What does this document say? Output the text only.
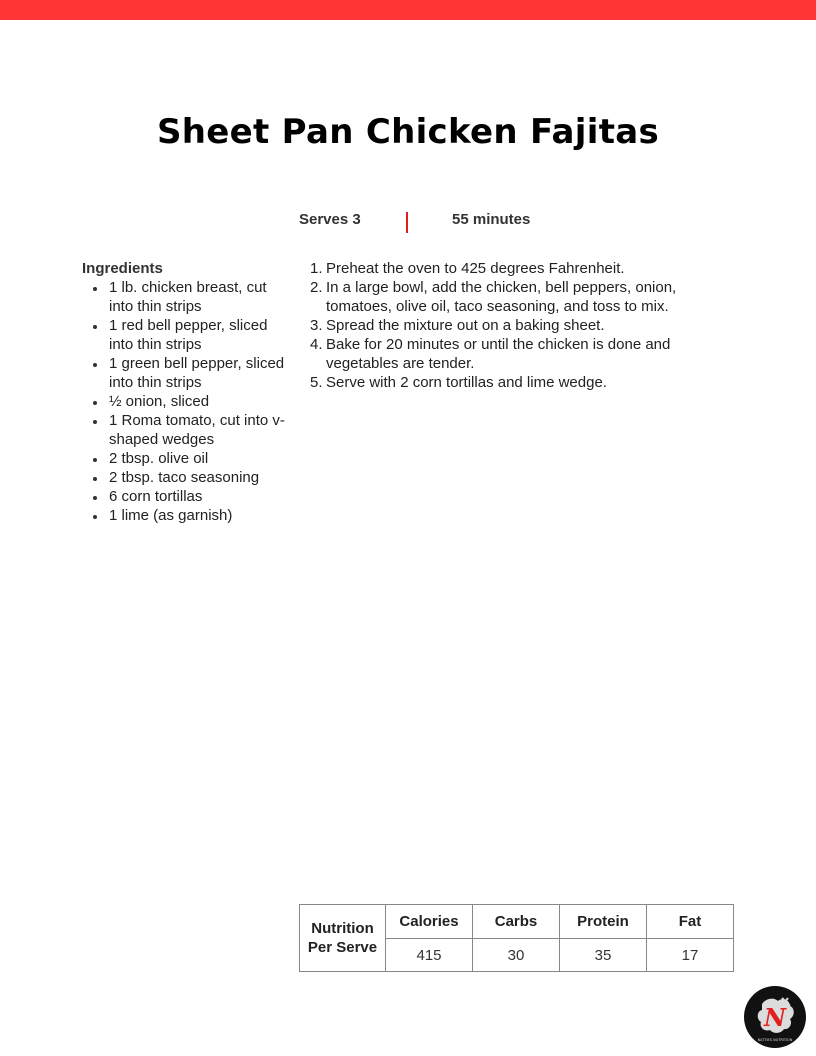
Sheet Pan Chicken Fajitas
Serves 3	55 minutes
Ingredients
1 lb. chicken breast, cut into thin strips
1 red bell pepper, sliced into thin strips
1 green bell pepper, sliced into thin strips
½ onion, sliced
1 Roma tomato, cut into v-shaped wedges
2 tbsp. olive oil
2 tbsp. taco seasoning
6 corn tortillas
1 lime (as garnish)
1. Preheat the oven to 425 degrees Fahrenheit.
2. In a large bowl, add the chicken, bell peppers, onion, tomatoes, olive oil, taco seasoning, and toss to mix.
3. Spread the mixture out on a baking sheet.
4. Bake for 20 minutes or until the chicken is done and vegetables are tender.
5. Serve with 2 corn tortillas and lime wedge.
Nutrition
Per Serve	Calories	Carbs	Protein	Fat
	415	30	35	17
N
NATTIES NUTRITION
